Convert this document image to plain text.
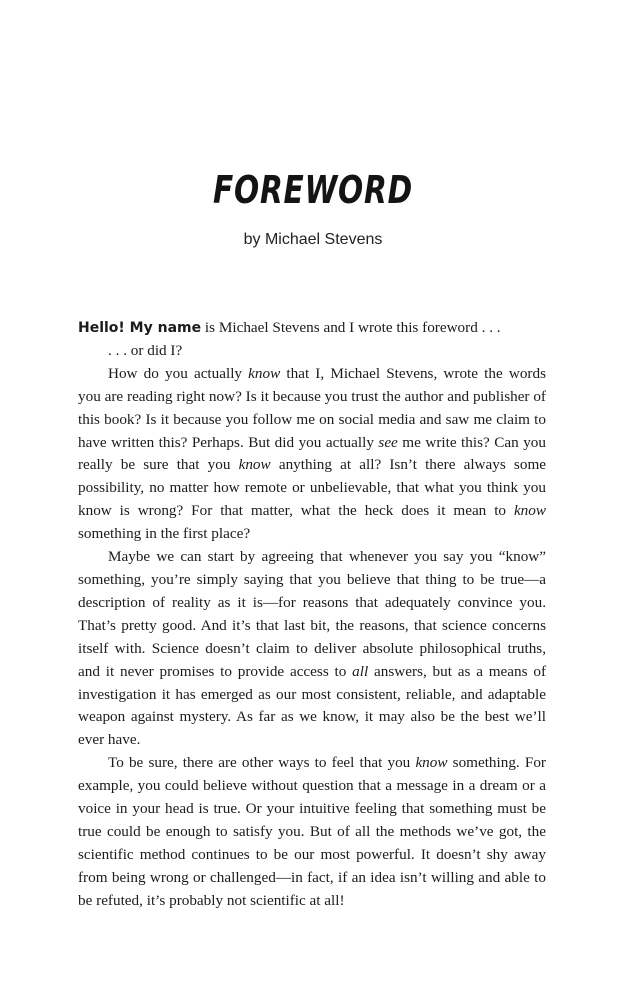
FOREWORD
by Michael Stevens

Hello! My name is Michael Stevens and I wrote this foreword . . .

. . . or did I?

How do you actually know that I, Michael Stevens, wrote the words you are reading right now? Is it because you trust the author and publisher of this book? Is it because you follow me on social media and saw me claim to have written this? Perhaps. But did you actually see me write this? Can you really be sure that you know anything at all? Isn’t there always some possibility, no matter how remote or unbelievable, that what you think you know is wrong? For that matter, what the heck does it mean to know something in the first place?

Maybe we can start by agreeing that whenever you say you “know” something, you’re simply saying that you believe that thing to be true—a description of reality as it is—for reasons that adequately convince you. That’s pretty good. And it’s that last bit, the reasons, that science concerns itself with. Science doesn’t claim to deliver absolute philosophical truths, and it never promises to provide access to all answers, but as a means of investigation it has emerged as our most consistent, reliable, and adaptable weapon against mystery. As far as we know, it may also be the best we’ll ever have.

To be sure, there are other ways to feel that you know something. For example, you could believe without question that a message in a dream or a voice in your head is true. Or your intuitive feeling that something must be true could be enough to satisfy you. But of all the methods we’ve got, the scientific method continues to be our most powerful. It doesn’t shy away from being wrong or challenged—in fact, if an idea isn’t willing and able to be refuted, it’s probably not scientific at all!
